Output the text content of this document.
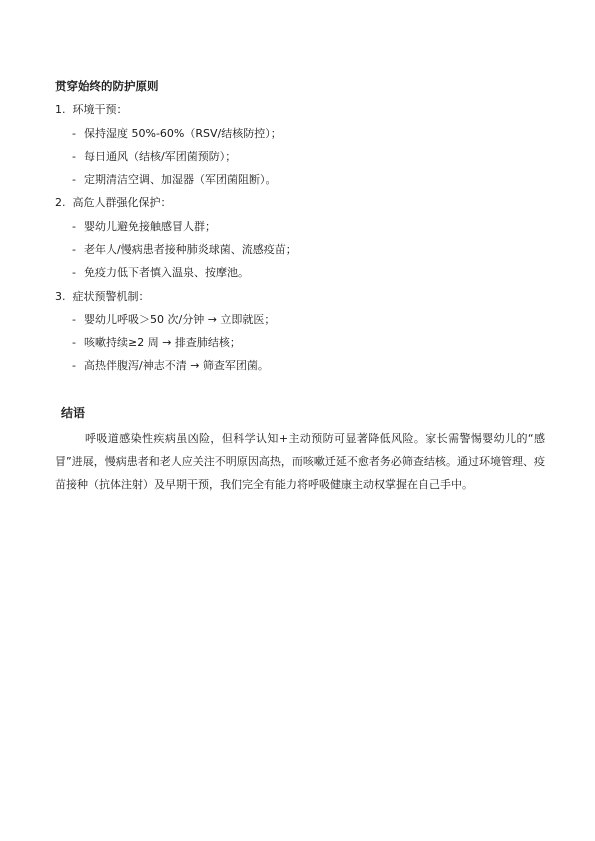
贯穿始终的防护原则
1. 环境干预：
- 保持湿度 50%-60%（RSV/结核防控）；
- 每日通风（结核/军团菌预防）；
- 定期清洁空调、加湿器（军团菌阻断）。
2. 高危人群强化保护：
- 婴幼儿避免接触感冒人群；
- 老年人/慢病患者接种肺炎球菌、流感疫苗；
- 免疫力低下者慎入温泉、按摩池。
3. 症状预警机制：
- 婴幼儿呼吸＞50 次/分钟 → 立即就医；
- 咳嗽持续≥2 周 → 排查肺结核；
- 高热伴腹泻/神志不清 → 筛查军团菌。
结语
呼吸道感染性疾病虽凶险，但科学认知+主动预防可显著降低风险。家长需警惕婴幼儿的“感冒”进展，慢病患者和老人应关注不明原因高热，而咳嗽迁延不愈者务必筛查结核。通过环境管理、疫苗接种（抗体注射）及早期干预，我们完全有能力将呼吸健康主动权掌握在自己手中。
